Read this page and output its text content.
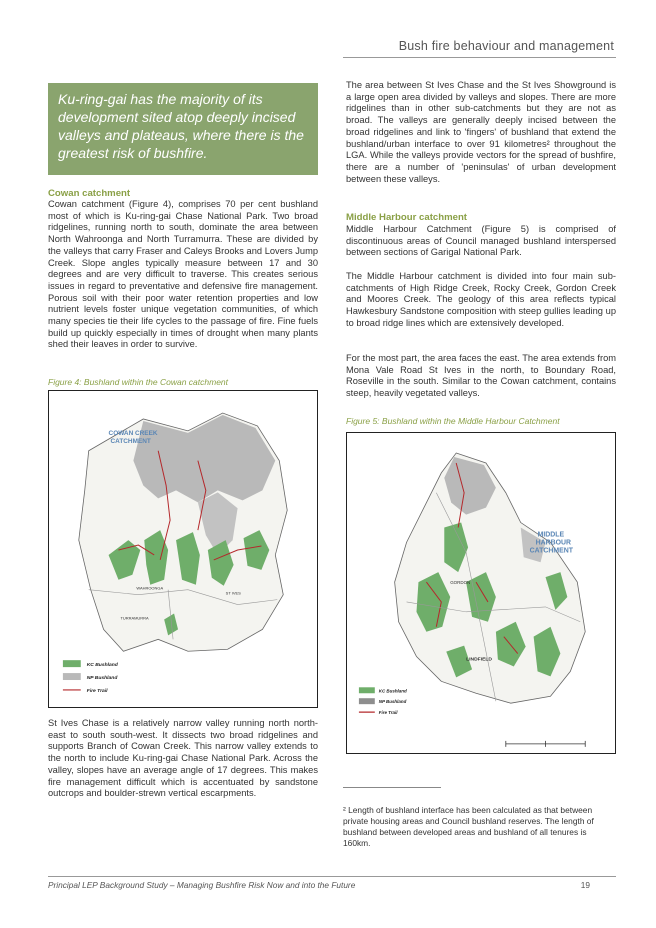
Bush fire behaviour and management

Ku-ring-gai has the majority of its development sited atop deeply incised valleys and plateaus, where there is the greatest risk of bushfire.

Cowan catchment
Cowan catchment (Figure 4), comprises 70 per cent bushland most of which is Ku-ring-gai Chase National Park. Two broad ridgelines, running north to south, dominate the area between North Wahroonga and North Turramurra. These are divided by the valleys that carry Fraser and Caleys Brooks and Lovers Jump Creek. Slope angles typically measure between 17 and 30 degrees and are very difficult to traverse. This creates serious issues in regard to preventative and defensive fire management. Porous soil with their poor water retention properties and low nutrient levels foster unique vegetation communities, of which many species tie their life cycles to the passage of fire. Fine fuels build up quickly especially in times of drought when many plants shed their leaves in order to survive.
Figure 4: Bushland within the Cowan catchment
COWAN CREEK
CATCHMENT
WAHROONGA
TURRAMURRA
ST IVES
KC Bushland
NP Bushland
Fire Trail
St Ives Chase is a relatively narrow valley running north north-east to south south-west. It dissects two broad ridgelines and supports Branch of Cowan Creek. This narrow valley extends to the north to include Ku-ring-gai Chase National Park. Across the valley, slopes have an average angle of 17 degrees. This makes fire management difficult which is accentuated by sandstone outcrops and boulder-strewn vertical escarpments.
The area between St Ives Chase and the St Ives Showground is a large open area divided by valleys and slopes. There are more ridgelines than in other sub-catchments but they are not as broad. The valleys are generally deeply incised between the broad ridgelines and link to 'fingers' of bushland that extend the bushland/urban interface to over 91 kilometres² throughout the LGA. While the valleys provide vectors for the spread of bushfire, there are a number of 'peninsulas' of urban development between these valleys.
Middle Harbour catchment
Middle Harbour Catchment (Figure 5) is comprised of discontinuous areas of Council managed bushland interspersed between sections of Garigal National Park.
The Middle Harbour catchment is divided into four main sub-catchments of High Ridge Creek, Rocky Creek, Gordon Creek and Moores Creek. The geology of this area reflects typical Hawkesbury Sandstone composition with steep gullies leading up to broad ridge lines which are extensively developed.
For the most part, the area faces the east. The area extends from Mona Vale Road St Ives in the north, to Boundary Road, Roseville in the south. Similar to the Cowan catchment, contains steep, heavily vegetated valleys.
Figure 5: Bushland within the Middle Harbour Catchment
MIDDLE
HARBOUR
CATCHMENT
GORDON
LINDFIELD
KC Bushland
NP Bushland
Fire Trail
² Length of bushland interface has been calculated as that between private housing areas and Council bushland reserves. The length of bushland between developed areas and bushland of all tenures is 160km.
Principal LEP Background Study – Managing Bushfire Risk Now and into the Future	19
